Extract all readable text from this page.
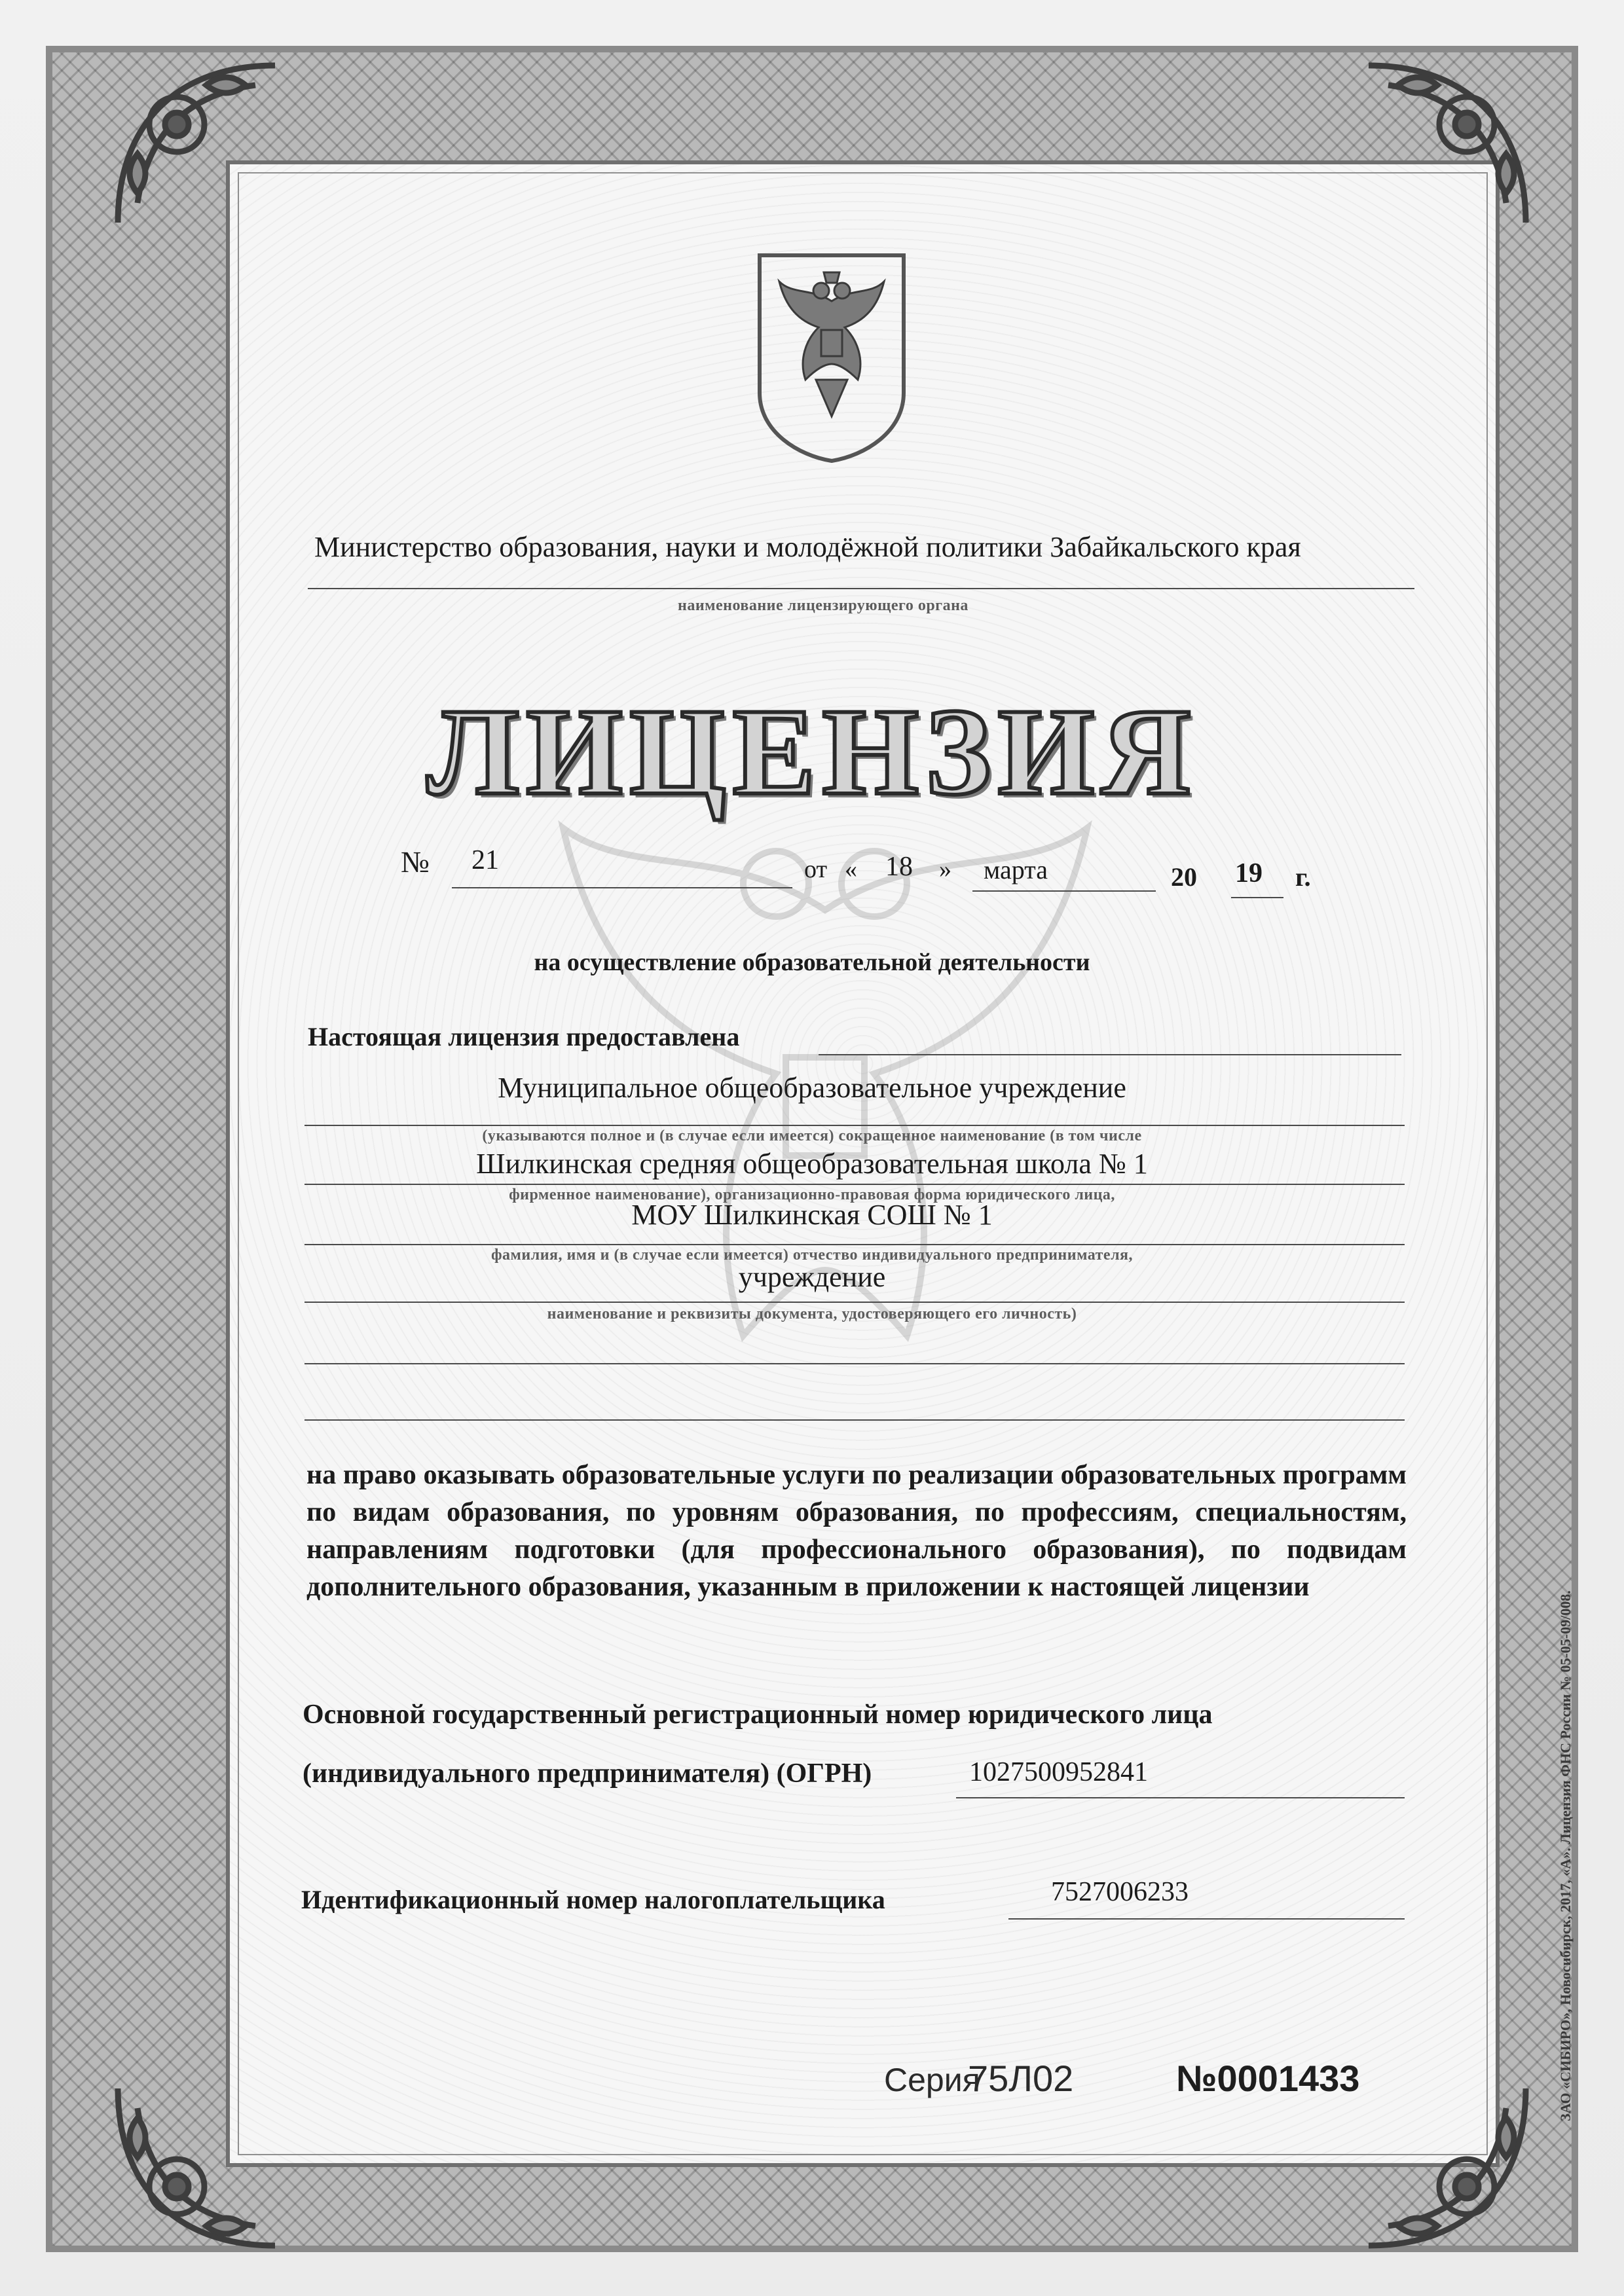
Министерство образования, науки и молодёжной политики Забайкальского края
наименование лицензирующего органа
ЛИЦЕНЗИЯ
№ 21	от « 18 » марта	20 19 г.
на осуществление образовательной деятельности
Настоящая лицензия предоставлена
Муниципальное общеобразовательное учреждение
(указываются полное и (в случае если имеется) сокращенное наименование (в том числе
Шилкинская средняя общеобразовательная школа № 1
фирменное наименование), организационно-правовая форма юридического лица,
МОУ Шилкинская СОШ № 1
фамилия, имя и (в случае если имеется) отчество индивидуального предпринимателя,
учреждение
наименование и реквизиты документа, удостоверяющего его личность)
на право оказывать образовательные услуги по реализации образовательных программ по видам образования, по уровням образования, по профессиям, специальностям, направлениям подготовки (для профессионального образования), по подвидам дополнительного образования, указанным в приложении к настоящей лицензии
Основной государственный регистрационный номер юридического лица
(индивидуального предпринимателя) (ОГРН)	1027500952841
Идентификационный номер налогоплательщика	7527006233
Серия
75Л02	№0001433	ЗАО «СИБИРО», Новосибирск, 2017, «А». Лицензия ФНС России № 05-05-09/008.
